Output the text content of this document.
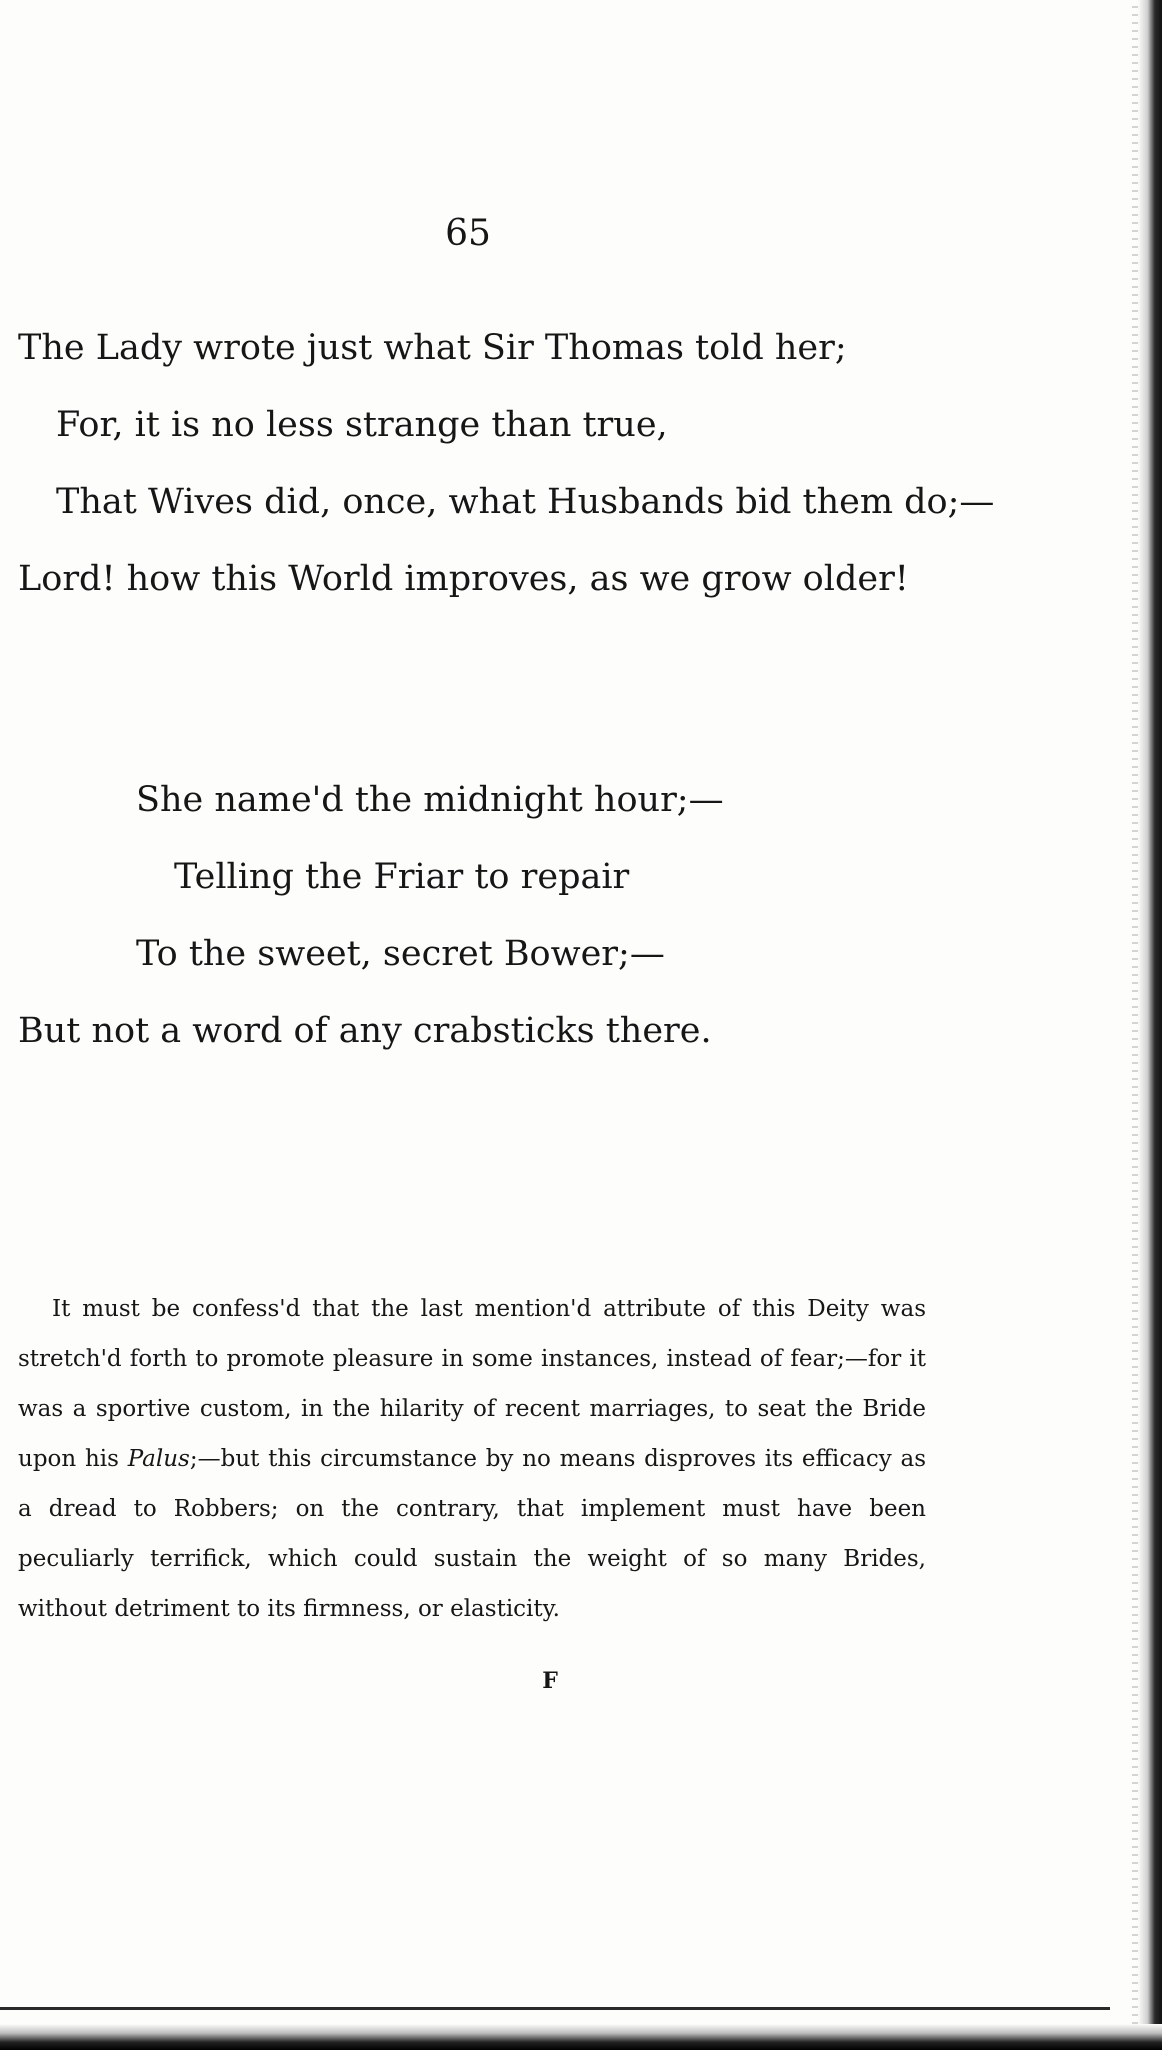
65
The Lady wrote just what Sir Thomas told her;
For, it is no less strange than true,
That Wives did, once, what Husbands bid them do;—
Lord! how this World improves, as we grow older!
She name'd the midnight hour;—
Telling the Friar to repair
To the sweet, secret Bower;—
But not a word of any crabsticks there.

It must be confess'd that the last mention'd attribute of this Deity was stretch'd forth to promote pleasure in some instances, instead of fear;—for it was a sportive custom, in the hilarity of recent marriages, to seat the Bride upon his Palus;—but this circumstance by no means disproves its efficacy as a dread to Robbers; on the contrary, that implement must have been peculiarly terrifick, which could sustain the weight of so many Brides, without detriment to its firmness, or elasticity.

F
